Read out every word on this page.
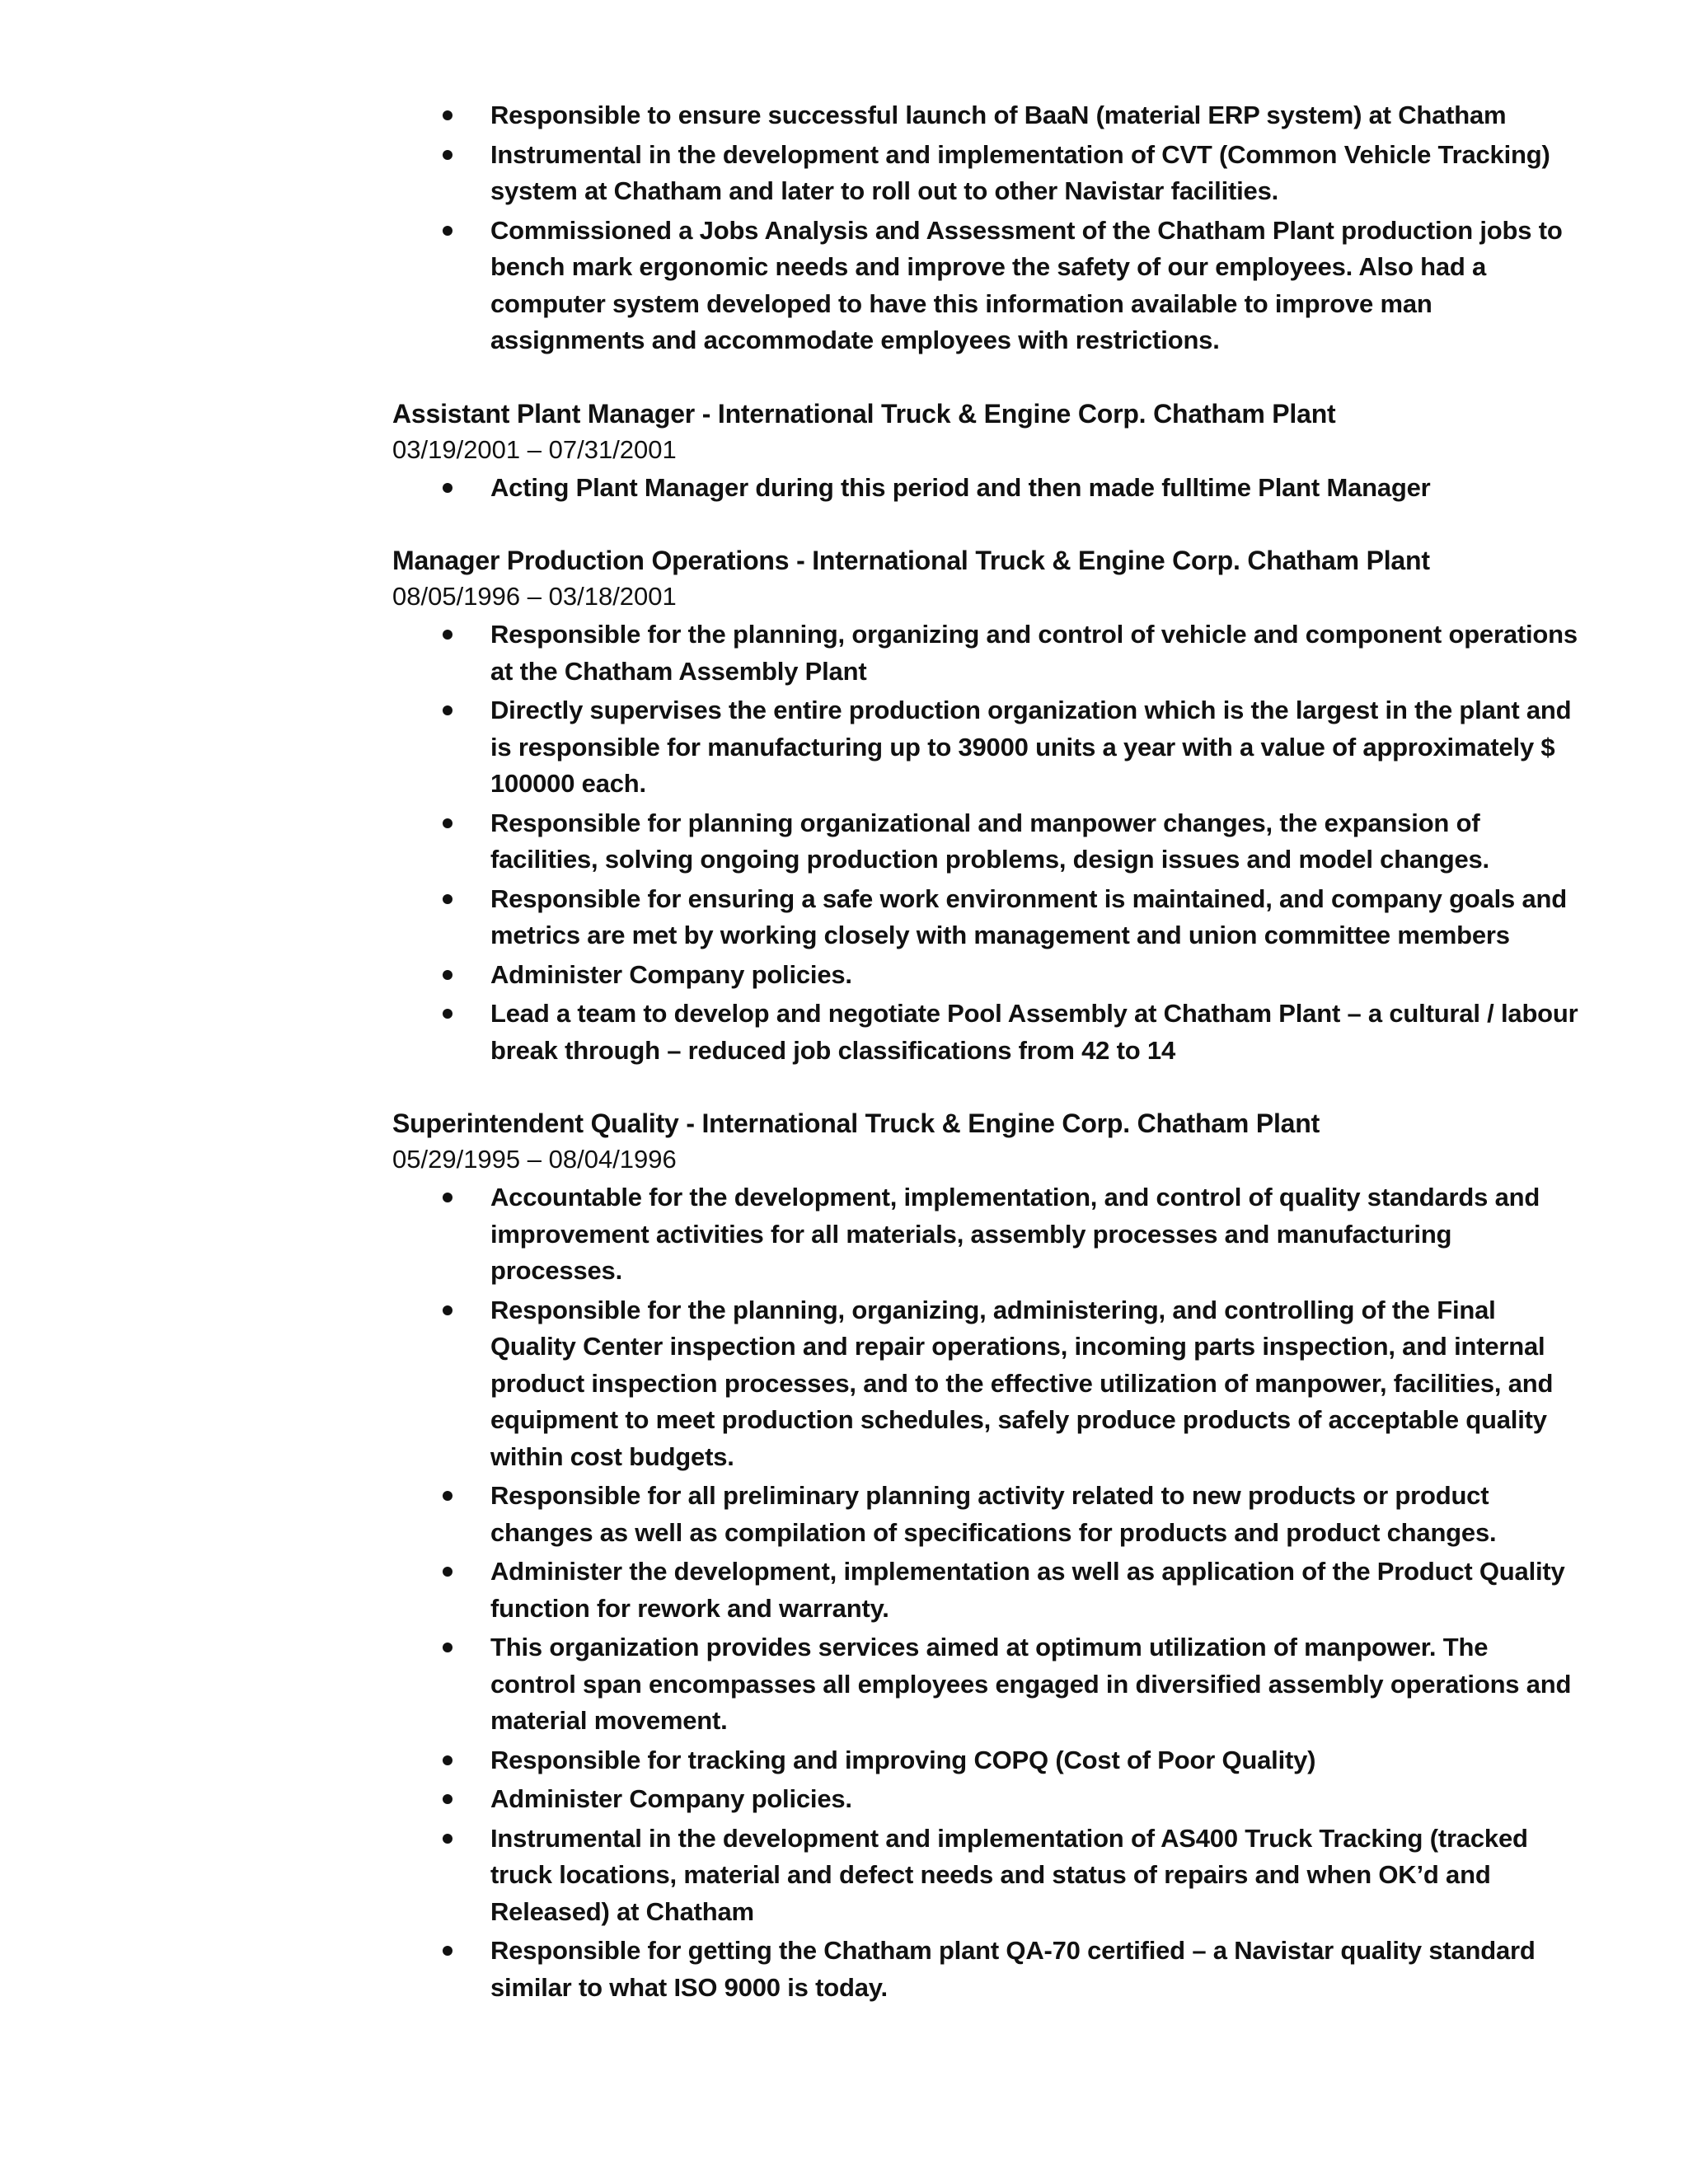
Responsible to ensure successful launch of BaaN (material ERP system) at Chatham
Instrumental in the development and implementation of CVT (Common Vehicle Tracking) system at Chatham and later to roll out to other Navistar facilities.
Commissioned a Jobs Analysis and Assessment of the Chatham Plant production jobs to bench mark ergonomic needs and improve the safety of our employees. Also had a computer system developed to have this information available to improve man assignments and accommodate employees with restrictions.
Assistant Plant Manager - International Truck & Engine Corp. Chatham Plant
03/19/2001 – 07/31/2001
Acting Plant Manager during this period and then made fulltime Plant Manager
Manager Production Operations - International Truck & Engine Corp. Chatham Plant
08/05/1996 – 03/18/2001
Responsible for the planning, organizing and control of vehicle and component operations at the Chatham Assembly Plant
Directly supervises the entire production organization which is the largest in the plant and is responsible for manufacturing up to 39000 units a year with a value of approximately $ 100000 each.
Responsible for planning organizational and manpower changes, the expansion of facilities, solving ongoing production problems, design issues and model changes.
Responsible for ensuring a safe work environment is maintained, and company goals and metrics are met by working closely with management and union committee members
Administer Company policies.
Lead a team to develop and negotiate Pool Assembly at Chatham Plant – a cultural / labour break through – reduced job classifications from 42 to 14
Superintendent Quality - International Truck & Engine Corp. Chatham Plant
05/29/1995 – 08/04/1996
Accountable for the development, implementation, and control of quality standards and improvement activities for all materials, assembly processes and manufacturing processes.
Responsible for the planning, organizing, administering, and controlling of the Final Quality Center inspection and repair operations, incoming parts inspection, and internal product inspection processes, and to the effective utilization of manpower, facilities, and equipment to meet production schedules, safely produce products of acceptable quality within cost budgets.
Responsible for all preliminary planning activity related to new products or product changes as well as compilation of specifications for products and product changes.
Administer the development, implementation as well as application of the Product Quality function for rework and warranty.
This organization provides services aimed at optimum utilization of manpower. The control span encompasses all employees engaged in diversified assembly operations and material movement.
Responsible for tracking and improving COPQ (Cost of Poor Quality)
Administer Company policies.
Instrumental in the development and implementation of AS400 Truck Tracking (tracked truck locations, material and defect needs and status of repairs and when OK’d and Released) at Chatham
Responsible for getting the Chatham plant QA-70 certified – a Navistar quality standard similar to what ISO 9000 is today.
